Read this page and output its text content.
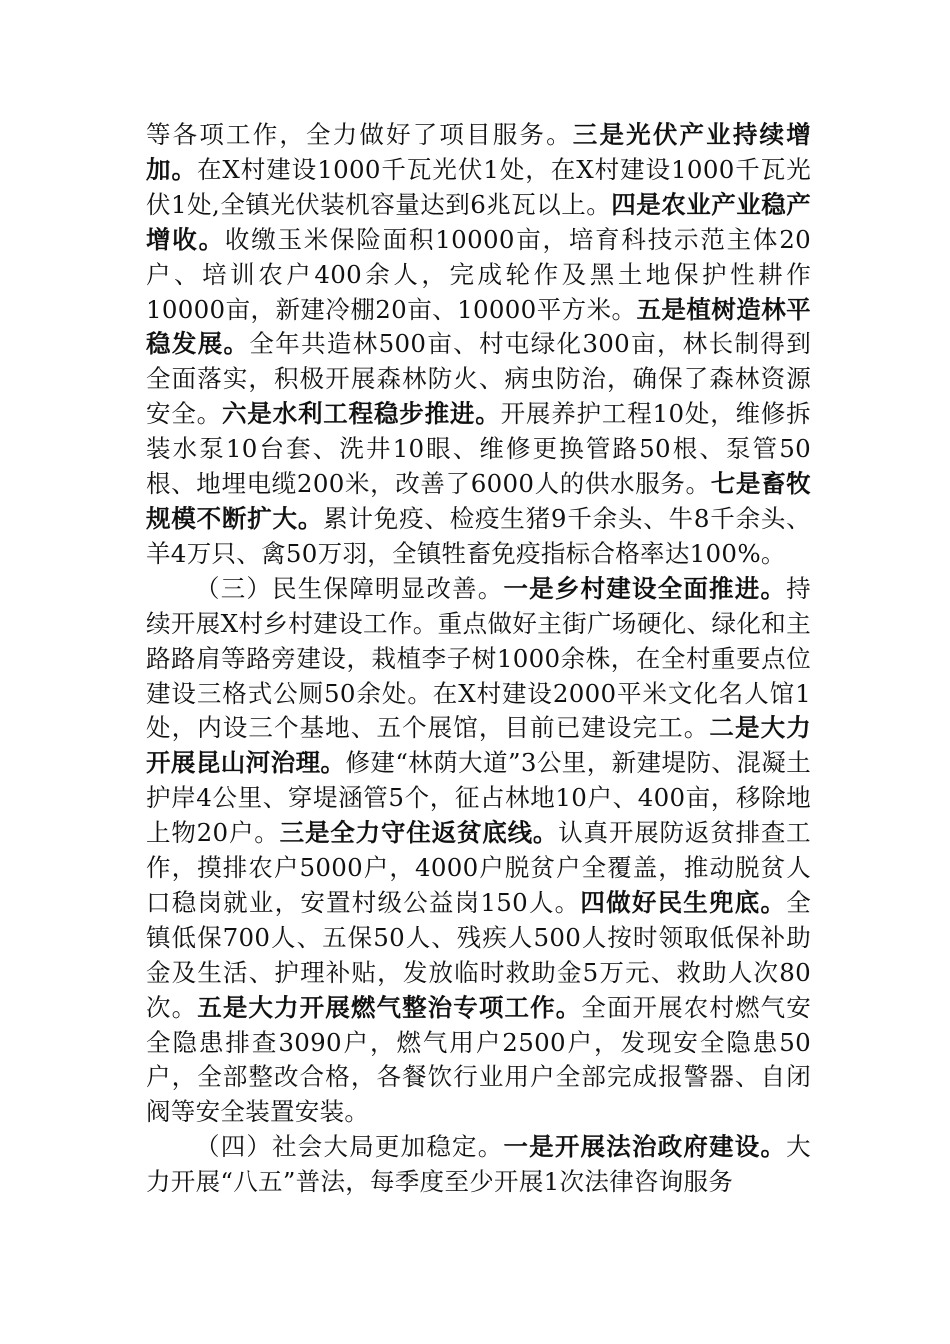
等各项工作，全力做好了项目服务。三是光伏产业持续增加。在X村建设1000千瓦光伏1处，在X村建设1000千瓦光伏1处,全镇光伏装机容量达到6兆瓦以上。四是农业产业稳产增收。收缴玉米保险面积10000亩，培育科技示范主体20户、培训农户400余人，完成轮作及黑土地保护性耕作10000亩，新建冷棚20亩、10000平方米。五是植树造林平稳发展。全年共造林500亩、村屯绿化300亩，林长制得到全面落实，积极开展森林防火、病虫防治，确保了森林资源安全。六是水利工程稳步推进。开展养护工程10处，维修拆装水泵10台套、洗井10眼、维修更换管路50根、泵管50根、地埋电缆200米，改善了6000人的供水服务。七是畜牧规模不断扩大。累计免疫、检疫生猪9千余头、牛8千余头、羊4万只、禽50万羽，全镇牲畜免疫指标合格率达100%。

（三）民生保障明显改善。一是乡村建设全面推进。持续开展X村乡村建设工作。重点做好主街广场硬化、绿化和主路路肩等路旁建设，栽植李子树1000余株，在全村重要点位建设三格式公厕50余处。在X村建设2000平米文化名人馆1处，内设三个基地、五个展馆，目前已建设完工。二是大力开展昆山河治理。修建“林荫大道”3公里，新建堤防、混凝土护岸4公里、穿堤涵管5个，征占林地10户、400亩，移除地上物20户。三是全力守住返贫底线。认真开展防返贫排查工作，摸排农户5000户，4000户脱贫户全覆盖，推动脱贫人口稳岗就业，安置村级公益岗150人。四做好民生兜底。全镇低保700人、五保50人、残疾人500人按时领取低保补助金及生活、护理补贴，发放临时救助金5万元、救助人次80次。五是大力开展燃气整治专项工作。全面开展农村燃气安全隐患排查3090户，燃气用户2500户，发现安全隐患50户，全部整改合格，各餐饮行业用户全部完成报警器、自闭阀等安全装置安装。

（四）社会大局更加稳定。一是开展法治政府建设。大力开展“八五”普法，每季度至少开展1次法律咨询服务
